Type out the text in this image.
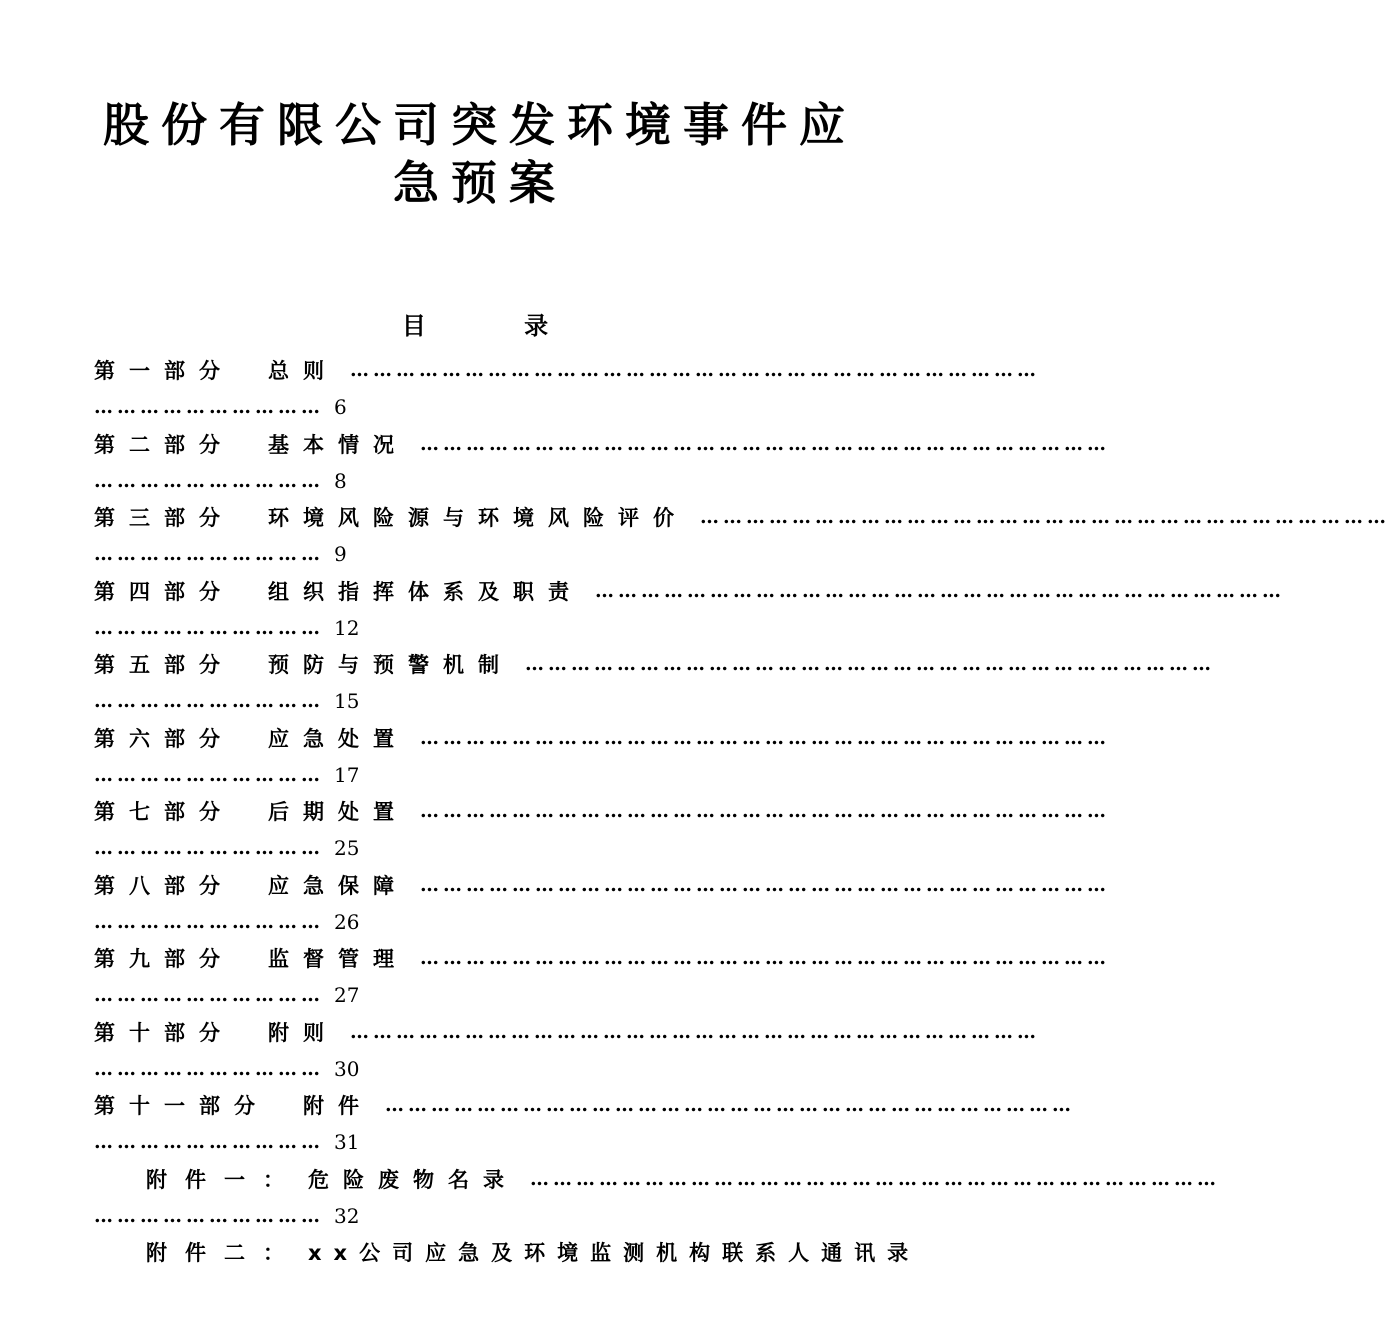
股份有限公司突发环境事件应急预案
目 录
第一部分 总则 ………………………………………………………………………………
………………………… 6
第二部分 基本情况 ………………………………………………………………………………
………………………… 8
第三部分 环境风险源与环境风险评价 ………………………………………………………………………………
………………………… 9
第四部分 组织指挥体系及职责 ………………………………………………………………………………
………………………… 12
第五部分 预防与预警机制 ………………………………………………………………………………
………………………… 15
第六部分 应急处置 ………………………………………………………………………………
………………………… 17
第七部分 后期处置 ………………………………………………………………………………
………………………… 25
第八部分 应急保障 ………………………………………………………………………………
………………………… 26
第九部分 监督管理 ………………………………………………………………………………
………………………… 27
第十部分 附则 ………………………………………………………………………………
………………………… 30
第十一部分 附件 ………………………………………………………………………………
………………………… 31
附件一： 危险废物名录 ………………………………………………………………………………
………………………… 32
附件二： xx公司应急及环境监测机构联系人通讯录
